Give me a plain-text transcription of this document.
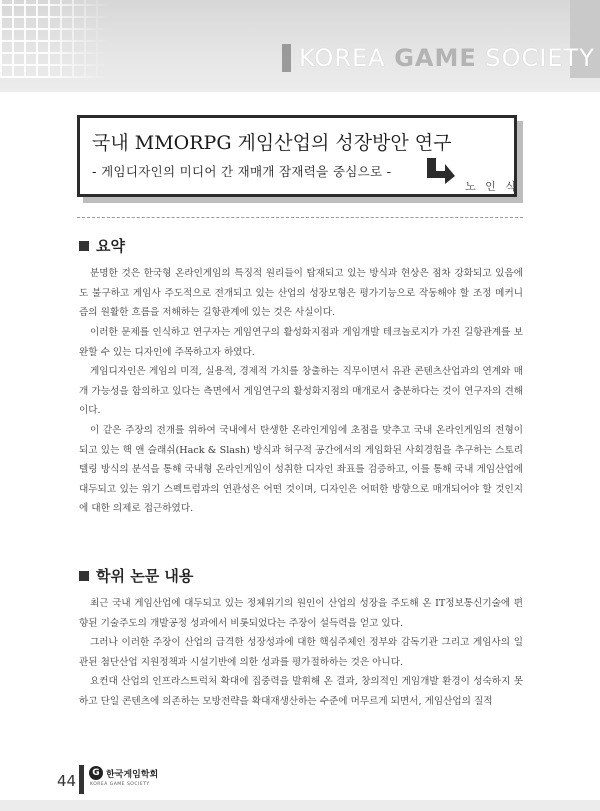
KOREA GAME SOCIETY
국내 MMORPG 게임산업의 성장방안 연구
- 게임디자인의 미디어 간 재매개 잠재력을 중심으로 -
노 인 식
요약

분명한 것은 한국형 온라인게임의 특징적 원리들이 탑재되고 있는 방식과 현상은 점차 강화되고 있음에도 불구하고 게임사 주도적으로 전개되고 있는 산업의 성장모형은 평가기능으로 작동해야 할 조정 메커니즘의 원활한 흐름을 저해하는 길항관계에 있는 것은 사실이다.

이러한 문제를 인식하고 연구자는 게임연구의 활성화지점과 게임개발 테크놀로지가 가진 길항관계를 보완할 수 있는 디자인에 주목하고자 하였다.

게임디자인은 게임의 미적, 실용적, 경제적 가치를 창출하는 직무이면서 유관 콘텐츠산업과의 연계와 매개 가능성을 함의하고 있다는 측면에서 게임연구의 활성화지점의 매개로서 충분하다는 것이 연구자의 견해이다.

이 같은 주장의 전개를 위하여 국내에서 탄생한 온라인게임에 초점을 맞추고 국내 온라인게임의 전형이 되고 있는 핵 앤 슬래쉬(Hack & Slash) 방식과 허구적 공간에서의 게임화된 사회경험을 추구하는 스토리텔링 방식의 분석을 통해 국내형 온라인게임이 성취한 디자인 좌표를 검증하고, 이를 통해 국내 게임산업에 대두되고 있는 위기 스펙트럼과의 연관성은 어떤 것이며, 디자인은 어떠한 방향으로 매개되어야 할 것인지에 대한 의제로 접근하였다.

학위 논문 내용

최근 국내 게임산업에 대두되고 있는 정체위기의 원인이 산업의 성장을 주도해 온 IT정보통신기술에 편향된 기술주도의 개발공정 성과에서 비롯되었다는 주장이 설득력을 얻고 있다.

그러나 이러한 주장이 산업의 급격한 성장성과에 대한 핵심주체인 정부와 감독기관 그리고 게임사의 일관된 첨단산업 지원정책과 시설기반에 의한 성과를 평가절하하는 것은 아니다.

요컨대 산업의 인프라스트럭처 확대에 집중력을 발휘해 온 결과, 창의적인 게임개발 환경이 성숙하지 못하고 단일 콘텐츠에 의존하는 모방전략을 확대재생산하는 수준에 머무르게 되면서, 게임산업의 질적

44	G 한국게임학회
KOREA GAME SOCIETY
